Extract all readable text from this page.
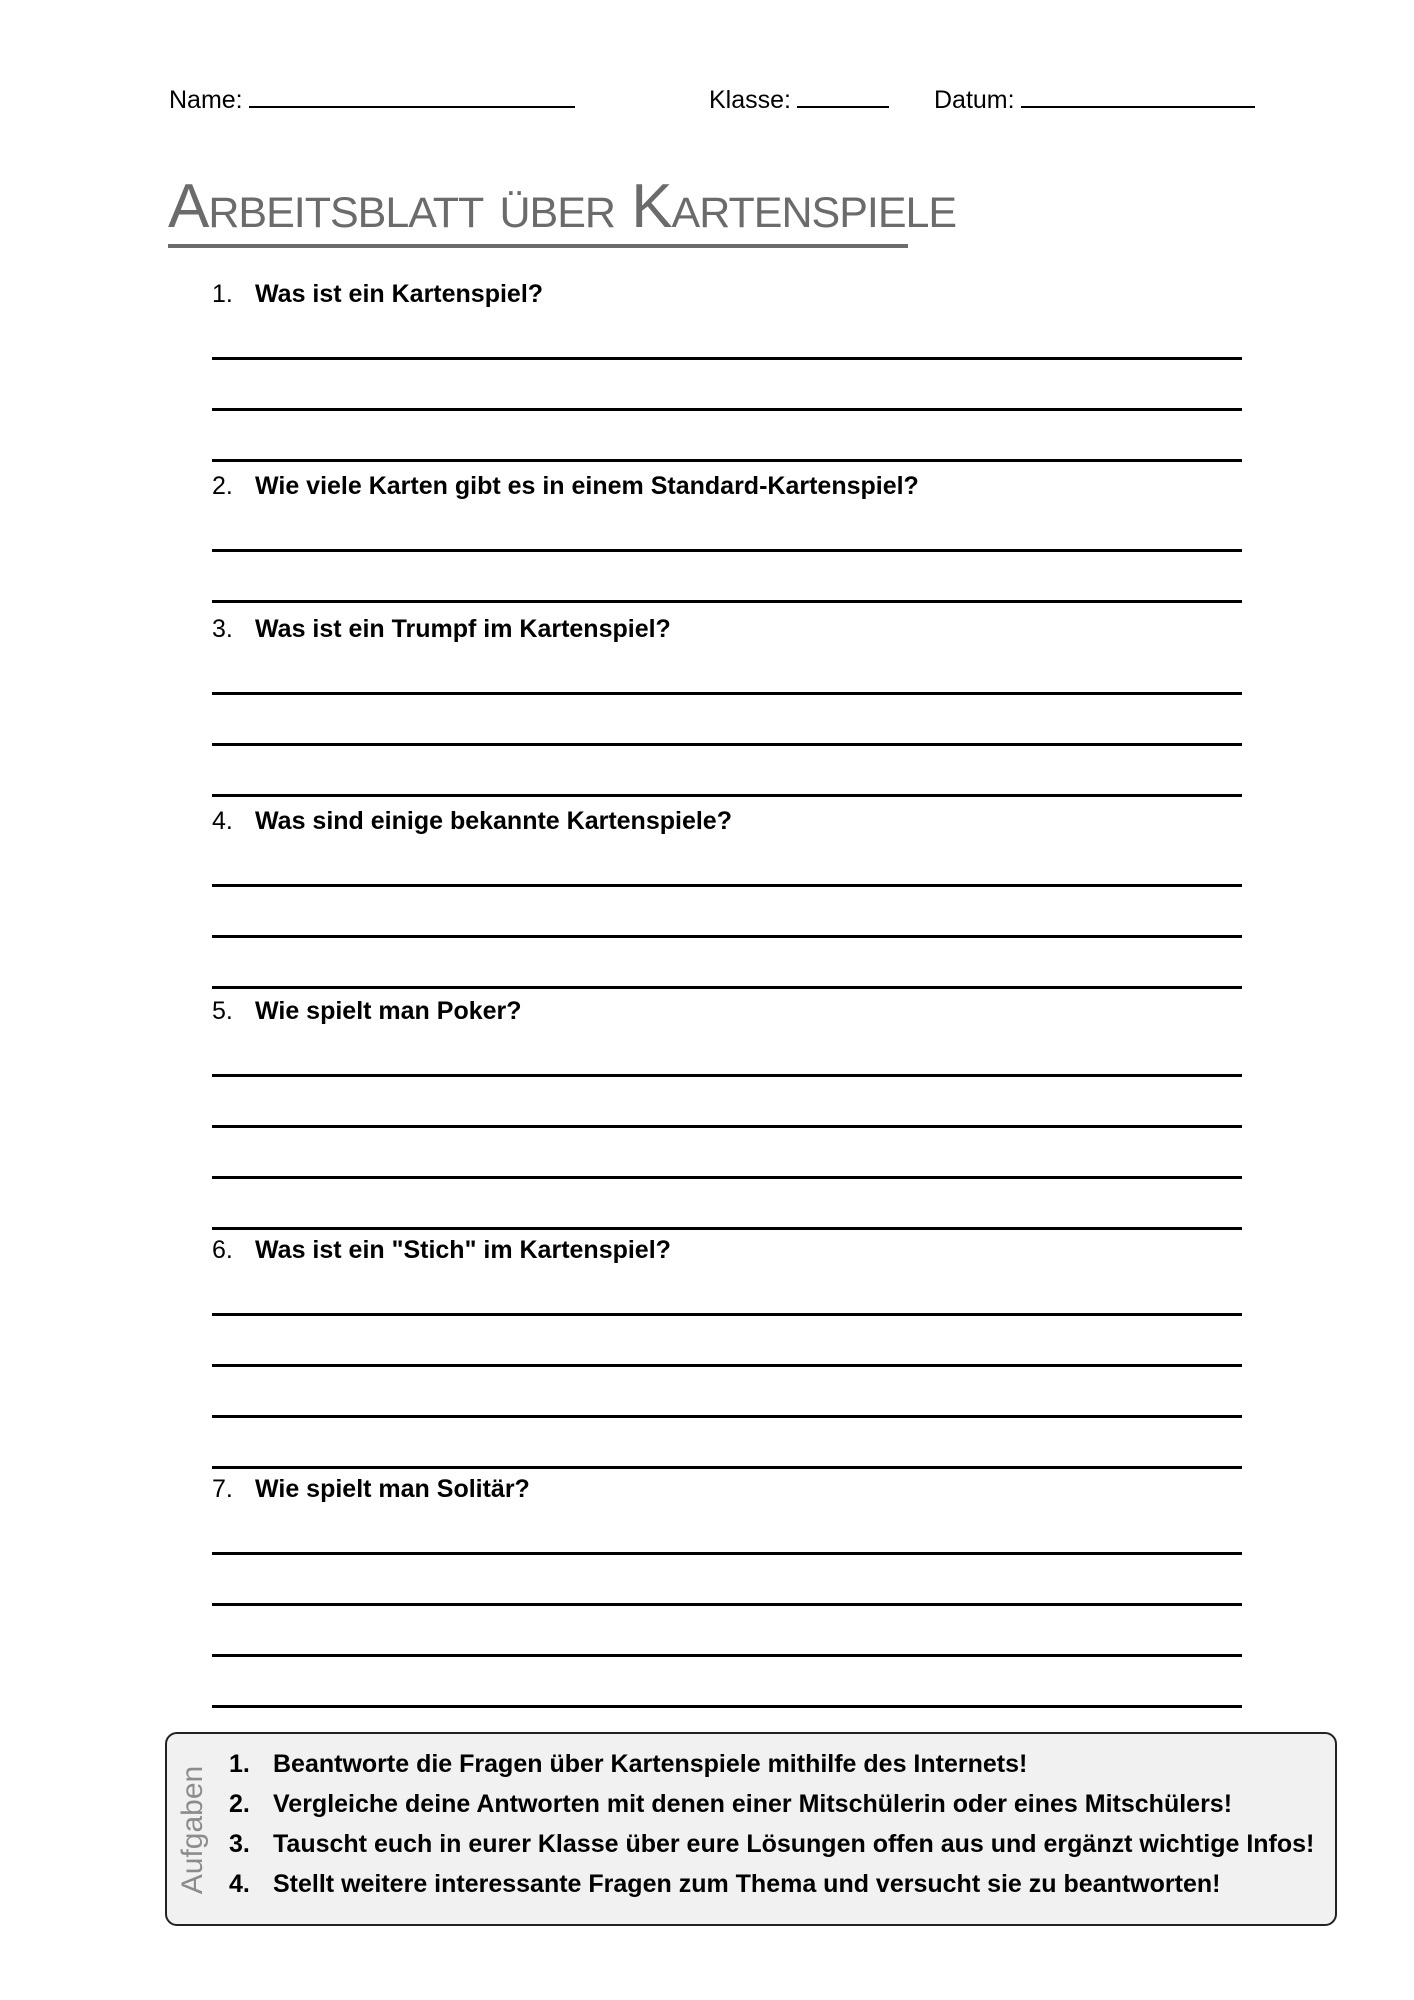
Name:	Klasse:	Datum:
Arbeitsblatt über Kartenspiele
1. Was ist ein Kartenspiel?
2. Wie viele Karten gibt es in einem Standard-Kartenspiel?
3. Was ist ein Trumpf im Kartenspiel?
4. Was sind einige bekannte Kartenspiele?
5. Wie spielt man Poker?
6. Was ist ein "Stich" im Kartenspiel?
7. Wie spielt man Solitär?
Aufgaben
1. Beantworte die Fragen über Kartenspiele mithilfe des Internets!
2. Vergleiche deine Antworten mit denen einer Mitschülerin oder eines Mitschülers!
3. Tauscht euch in eurer Klasse über eure Lösungen offen aus und ergänzt wichtige Infos!
4. Stellt weitere interessante Fragen zum Thema und versucht sie zu beantworten!
